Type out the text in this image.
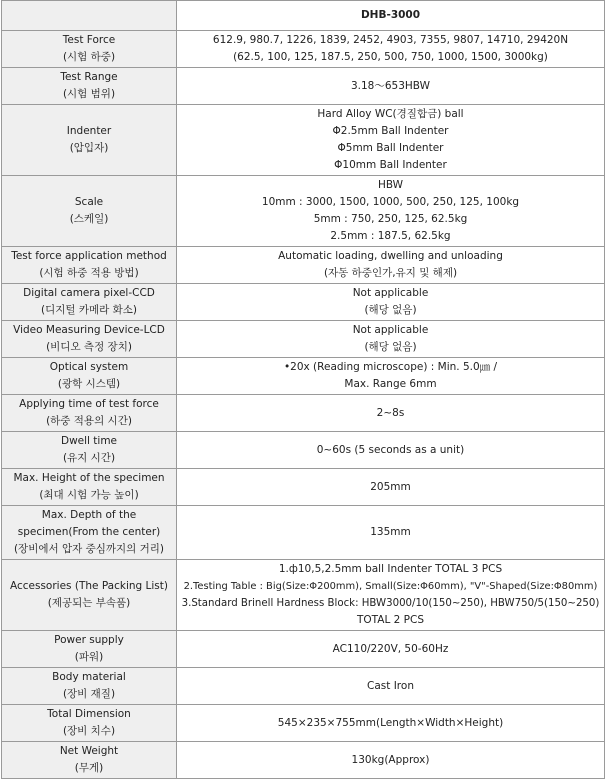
	DHB-3000

Test Force
(시험 하중)	612.9, 980.7, 1226, 1839, 2452, 4903, 7355, 9807, 14710, 29420N
(62.5, 100, 125, 187.5, 250, 500, 750, 1000, 1500, 3000kg)

Test Range
(시험 범위)	3.18～653HBW

Indenter
(압입자)	Hard Alloy WC(경질합금) ball
Φ2.5mm Ball Indenter
Φ5mm Ball Indenter
Φ10mm Ball Indenter

Scale
(스케일)	HBW
10mm : 3000, 1500, 1000, 500, 250, 125, 100kg
5mm : 750, 250, 125, 62.5kg
2.5mm : 187.5, 62.5kg

Test force application method
(시험 하중 적용 방법)	Automatic loading, dwelling and unloading
(자동 하중인가,유지 및 해제)

Digital camera pixel-CCD
(디지털 카메라 화소)	Not applicable
(해당 없음)

Video Measuring Device-LCD
(비디오 측정 장치)	Not applicable
(해당 없음)

Optical system
(광학 시스템)	•20x (Reading microscope) : Min. 5.0㎛ /
Max. Range 6mm

Applying time of test force
(하중 적용의 시간)	2~8s

Dwell time
(유지 시간)	0~60s (5 seconds as a unit)

Max. Height of the specimen
(최대 시험 가능 높이)	205mm

Max. Depth of the
specimen(From the center)
(장비에서 압자 중심까지의 거리)	135mm

Accessories (The Packing List)
(제공되는 부속품)	1.ф10,5,2.5mm ball Indenter TOTAL 3 PCS
2.Testing Table : Big(Size:Φ200mm), Small(Size:Φ60mm), "V"-Shaped(Size:Φ80mm)
3.Standard Brinell Hardness Block: HBW3000/10(150~250), HBW750/5(150~250)
TOTAL 2 PCS

Power supply
(파워)	AC110/220V, 50-60Hz

Body material
(장비 재질)	Cast Iron

Total Dimension
(장비 치수)	545×235×755mm(Length×Width×Height)

Net Weight
(무게)	130kg(Approx)
